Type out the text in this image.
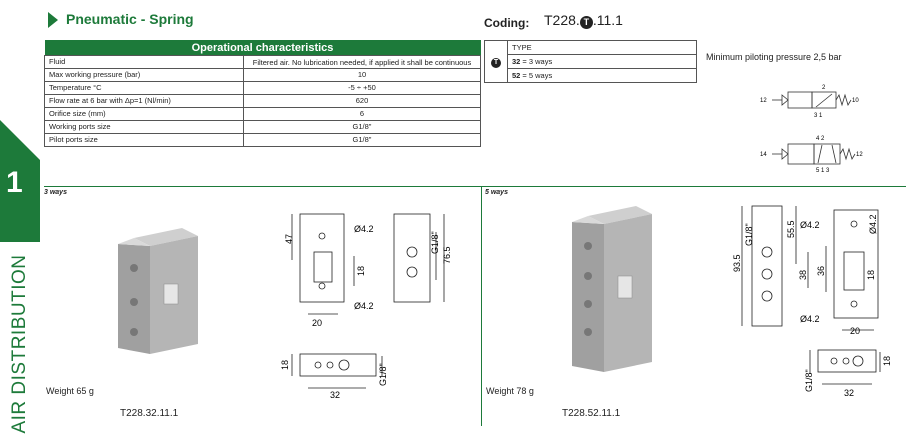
1
AIR DISTRIBUTION
Pneumatic - Spring
Operational characteristics	
Fluid	Filtered air. No lubrication needed, if applied it shall be continuous
Max working pressure (bar)	10
Temperature °C	-5 ÷ +50
Flow rate at 6 bar with Δp=1 (Nl/min)	620
Orifice size (mm)	6
Working ports size	G1/8"
Pilot ports size	G1/8"
Coding: T228. T .11.1
T	TYPE
32 = 3 ways
52 = 5 ways
Minimum piloting pressure 2,5 bar
2
12	10
3 1
4 2
14	12
5 1 3
3 ways
47
Ø4.2
18
Ø4.2
20
G1/8"
76.5
18
32
G1/8"
Weight 65 g
T228.32.11.1
5 ways
93.5
G1/8"	55.5 Ø4.2
38 36
Ø4.2
18
Ø4.2
20
18
32
G1/8"
Weight 78 g
T228.52.11.1
